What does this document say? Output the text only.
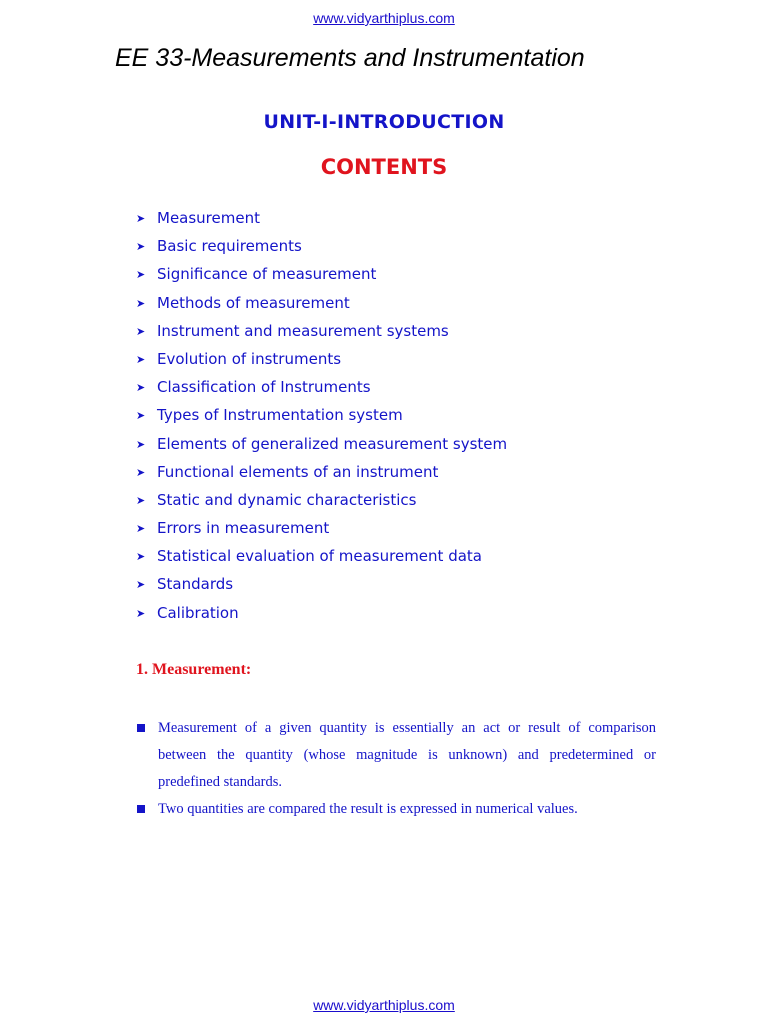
www.vidyarthiplus.com
EE 33-Measurements and Instrumentation
UNIT-I-INTRODUCTION
CONTENTS
➤ Measurement
➤ Basic requirements
➤ Significance of measurement
➤ Methods of measurement
➤ Instrument and measurement systems
➤ Evolution of instruments
➤ Classification of Instruments
➤ Types of Instrumentation system
➤ Elements of generalized measurement system
➤ Functional elements of an instrument
➤ Static and dynamic characteristics
➤ Errors in measurement
➤ Statistical evaluation of measurement data
➤ Standards
➤ Calibration
1. Measurement:
Measurement of a given quantity is essentially an act or result of comparison between the quantity (whose magnitude is unknown) and predetermined or predefined standards.
Two quantities are compared the result is expressed in numerical values.
www.vidyarthiplus.com
